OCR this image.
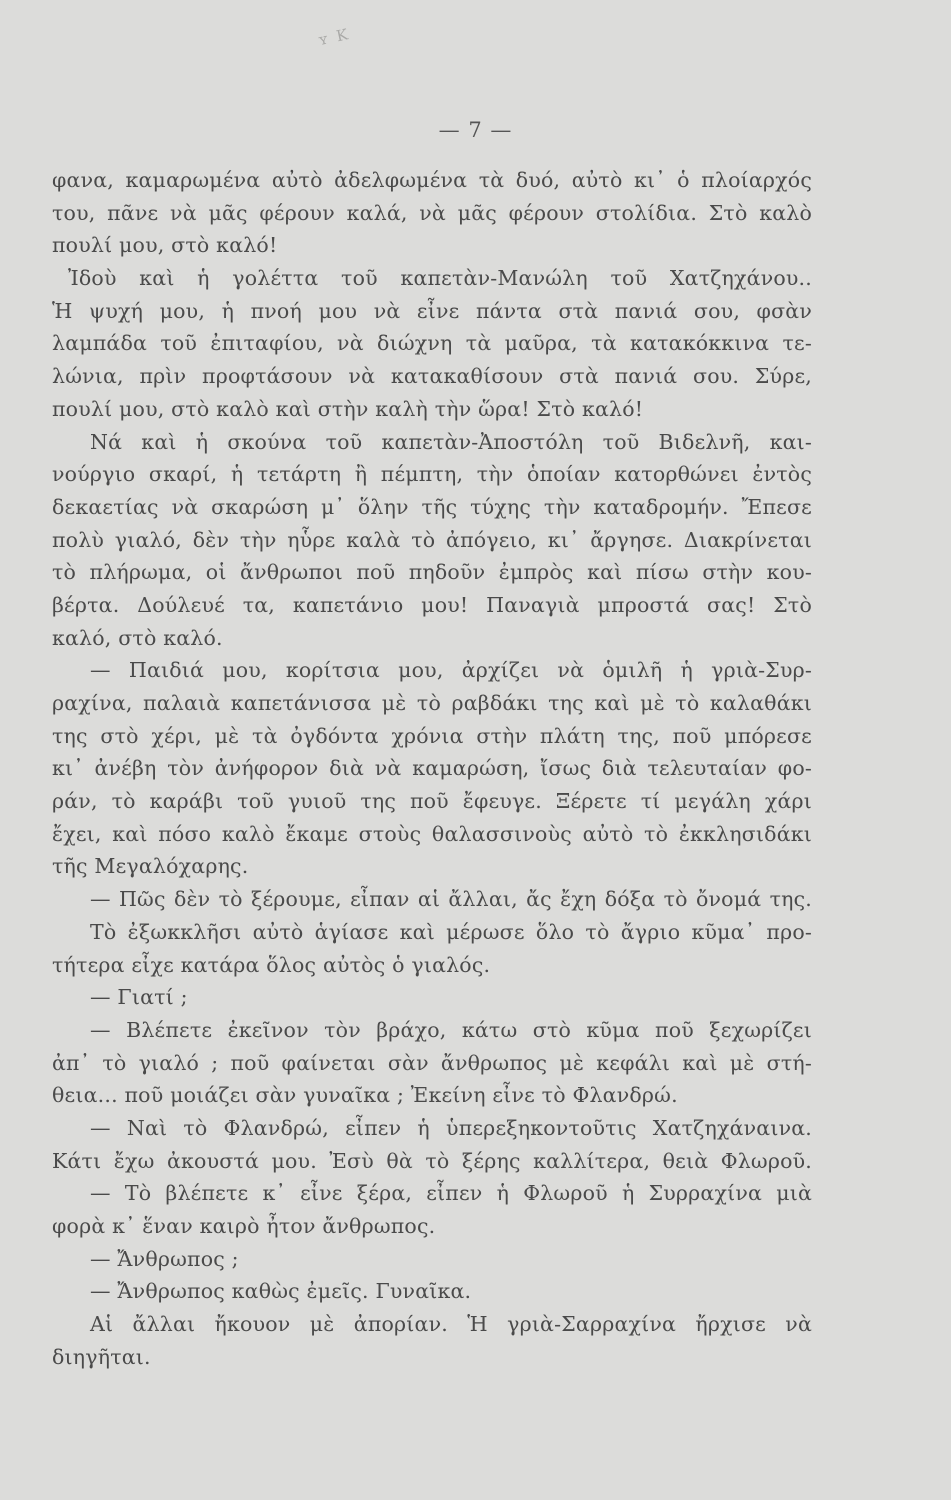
ʏ Κ
— 7 —
φανα, καμαρωμένα αὐτὸ ἀδελφωμένα τὰ δυό, αὐτὸ κι᾿ ὁ πλοίαρχός
του, πᾶνε νὰ μᾶς φέρουν καλά, νὰ μᾶς φέρουν στολίδια. Στὸ καλὸ
πουλί μου, στὸ καλό!
Ἰδοὺ καὶ ἡ γολέττα τοῦ καπετὰν-Μανώλη τοῦ Χατζηχάνου..
Ἡ ψυχή μου, ἡ πνοή μου νὰ εἶνε πάντα στὰ πανιά σου, φσὰν
λαμπάδα τοῦ ἐπιταφίου, νὰ διώχνη τὰ μαῦρα, τὰ κατακόκκινα τε-
λώνια, πρὶν προφτάσουν νὰ κατακαθίσουν στὰ πανιά σου. Σύρε,
πουλί μου, στὸ καλὸ καὶ στὴν καλὴ τὴν ὥρα! Στὸ καλό!
Νά καὶ ἡ σκούνα τοῦ καπετὰν-Ἀποστόλη τοῦ Βιδελνῆ, και-
νούργιο σκαρί, ἡ τετάρτη ἢ πέμπτη, τὴν ὁποίαν κατορθώνει ἐντὸς
δεκαετίας νὰ σκαρώση μ᾿ ὅλην τῆς τύχης τὴν καταδρομήν. Ἔπεσε
πολὺ γιαλό, δὲν τὴν ηὗρε καλὰ τὸ ἀπόγειο, κι᾿ ἄργησε. Διακρίνεται
τὸ πλήρωμα, οἱ ἄνθρωποι ποῦ πηδοῦν ἐμπρὸς καὶ πίσω στὴν κου-
βέρτα. Δούλευέ τα, καπετάνιο μου! Παναγιὰ μπροστά σας! Στὸ
καλό, στὸ καλό.
— Παιδιά μου, κορίτσια μου, ἀρχίζει νὰ ὁμιλῆ ἡ γριὰ-Συρ-
ραχίνα, παλαιὰ καπετάνισσα μὲ τὸ ραβδάκι της καὶ μὲ τὸ καλαθάκι
της στὸ χέρι, μὲ τὰ ὀγδόντα χρόνια στὴν πλάτη της, ποῦ μπόρεσε
κι᾿ ἀνέβη τὸν ἀνήφορον διὰ νὰ καμαρώση, ἴσως διὰ τελευταίαν φο-
ράν, τὸ καράβι τοῦ γυιοῦ της ποῦ ἔφευγε. Ξέρετε τί μεγάλη χάρι
ἔχει, καὶ πόσο καλὸ ἔκαμε στοὺς θαλασσινοὺς αὐτὸ τὸ ἐκκλησιδάκι
τῆς Μεγαλόχαρης.
— Πῶς δὲν τὸ ξέρουμε, εἶπαν αἱ ἄλλαι, ἄς ἔχη δόξα τὸ ὄνομά της.
Τὸ ἐξωκκλῆσι αὐτὸ ἁγίασε καὶ μέρωσε ὅλο τὸ ἄγριο κῦμα᾿ προ-
τήτερα εἶχε κατάρα ὅλος αὐτὸς ὁ γιαλός.
— Γιατί ;
— Βλέπετε ἐκεῖνον τὸν βράχο, κάτω στὸ κῦμα ποῦ ξεχωρίζει
ἀπ᾿ τὸ γιαλό ; ποῦ φαίνεται σὰν ἄνθρωπος μὲ κεφάλι καὶ μὲ στή-
θεια... ποῦ μοιάζει σὰν γυναῖκα ; Ἐκείνη εἶνε τὸ Φλανδρώ.
— Ναὶ τὸ Φλανδρώ, εἶπεν ἡ ὑπερεξηκοντοῦτις Χατζηχάναινα.
Κάτι ἔχω ἀκουστά μου. Ἐσὺ θὰ τὸ ξέρης καλλίτερα, θειὰ Φλωροῦ.
— Τὸ βλέπετε κ᾿ εἶνε ξέρα, εἶπεν ἡ Φλωροῦ ἡ Συρραχίνα μιὰ
φορὰ κ᾿ ἕναν καιρὸ ἦτον ἄνθρωπος.
— Ἄνθρωπος ;
— Ἄνθρωπος καθὼς ἐμεῖς. Γυναῖκα.
Αἱ ἄλλαι ἤκουον μὲ ἀπορίαν. Ἡ γριὰ-Σαρραχίνα ἤρχισε νὰ
διηγῆται.
